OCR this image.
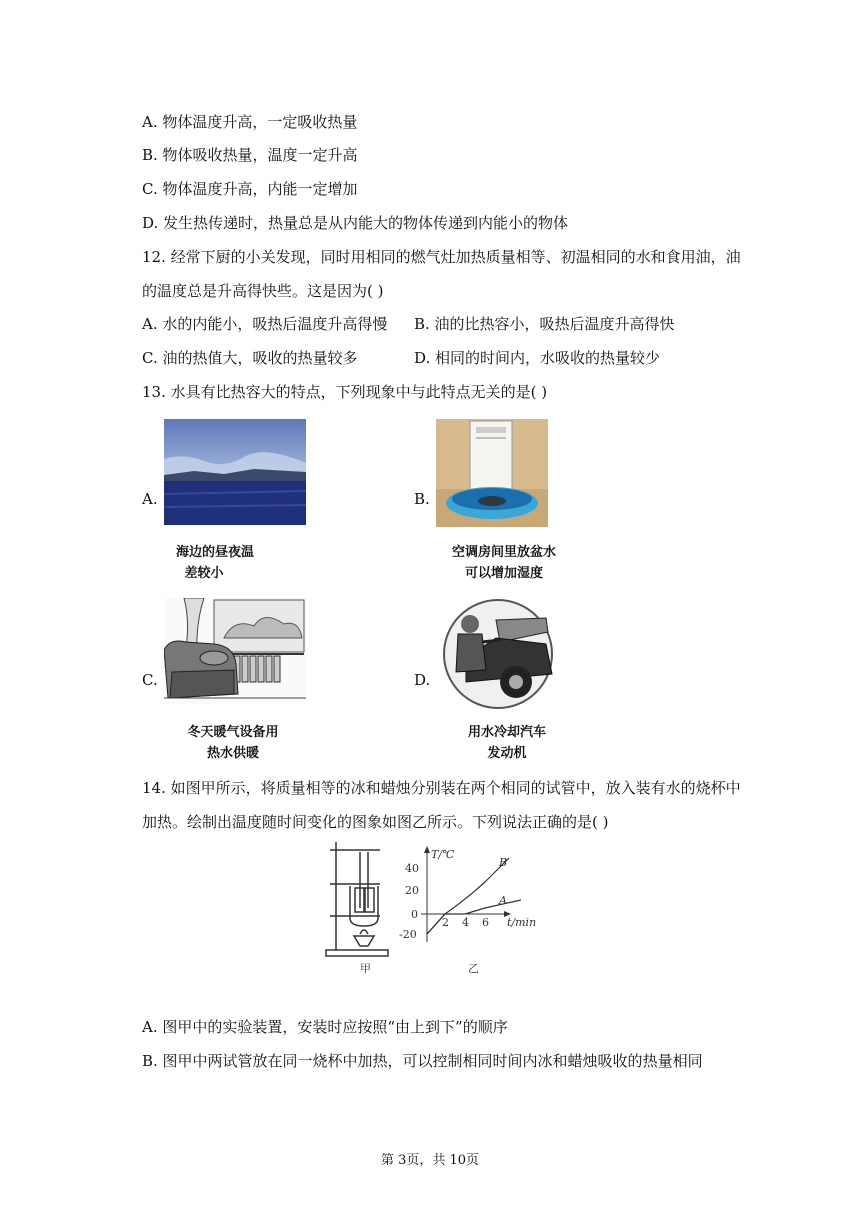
A. 物体温度升高，一定吸收热量
B. 物体吸收热量，温度一定升高
C. 物体温度升高，内能一定增加
D. 发生热传递时，热量总是从内能大的物体传递到内能小的物体
12. 经常下厨的小关发现，同时用相同的燃气灶加热质量相等、初温相同的水和食用油，油
的温度总是升高得快些。这是因为( )
A. 水的内能小，吸热后温度升高得慢 B. 油的比热容小，吸热后温度升高得快
C. 油的热值大，吸收的热量较多	D. 相同的时间内，水吸收的热量较少
13. 水具有比热容大的特点，下列现象中与此特点无关的是( )
A.
海边的昼夜温
差较小
B.
空调房间里放盆水
可以增加湿度
C.
冬天暖气设备用
热水供暖
D.
用水冷却汽车
发动机
14. 如图甲所示，将质量相等的冰和蜡烛分别装在两个相同的试管中，放入装有水的烧杯中
加热。绘制出温度随时间变化的图象如图乙所示。下列说法正确的是( )
甲
T/℃
t/min
40
20
0
-20
2 4 6
B
A
乙
A. 图甲中的实验装置，安装时应按照“由上到下”的顺序
B. 图甲中两试管放在同一烧杯中加热，可以控制相同时间内冰和蜡烛吸收的热量相同
第 3页，共 10页
